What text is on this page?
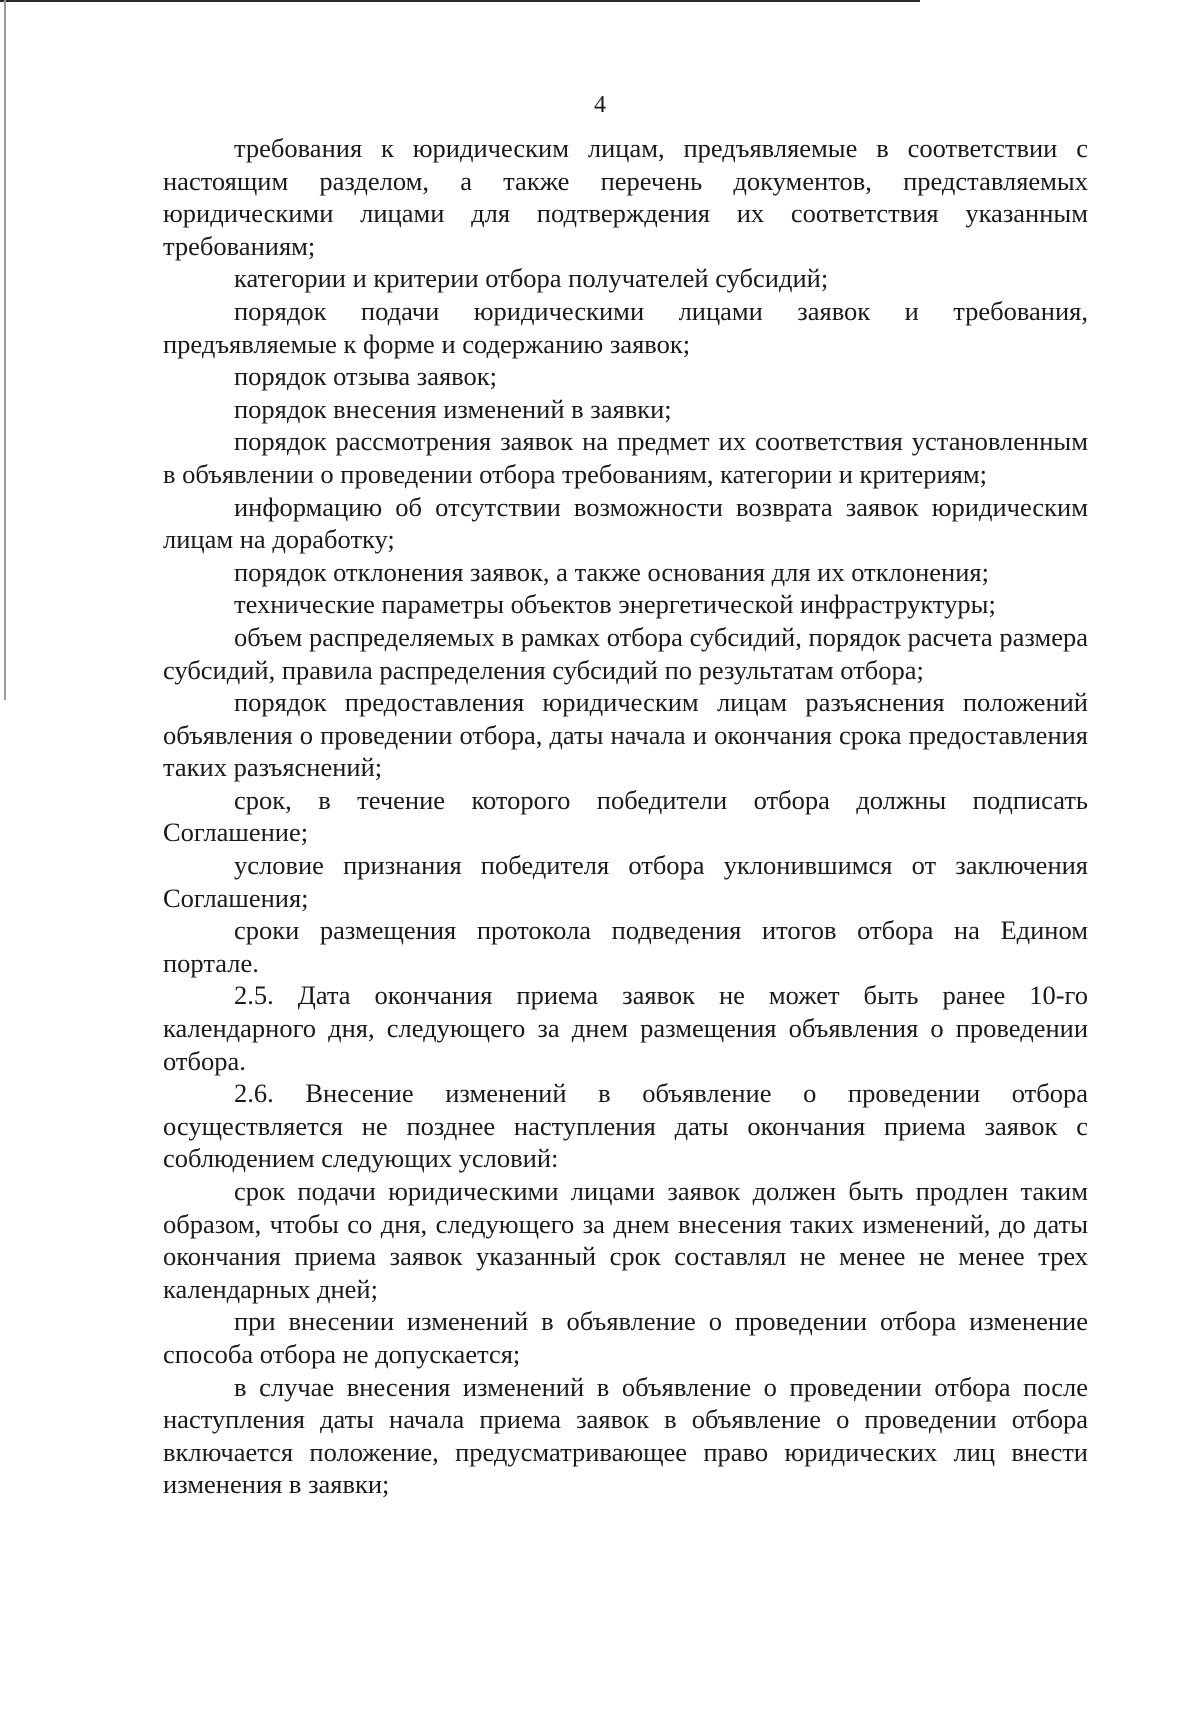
4

требования к юридическим лицам, предъявляемые в соответствии с настоящим разделом, а также перечень документов, представляемых юридическими лицами для подтверждения их соответствия указанным требованиям;

категории и критерии отбора получателей субсидий;

порядок подачи юридическими лицами заявок и требования, предъявляемые к форме и содержанию заявок;

порядок отзыва заявок;

порядок внесения изменений в заявки;

порядок рассмотрения заявок на предмет их соответствия установленным в объявлении о проведении отбора требованиям, категории и критериям;

информацию об отсутствии возможности возврата заявок юридическим лицам на доработку;

порядок отклонения заявок, а также основания для их отклонения;

технические параметры объектов энергетической инфраструктуры;

объем распределяемых в рамках отбора субсидий, порядок расчета размера субсидий, правила распределения субсидий по результатам отбора;

порядок предоставления юридическим лицам разъяснения положений объявления о проведении отбора, даты начала и окончания срока предоставления таких разъяснений;

срок, в течение которого победители отбора должны подписать Соглашение;

условие признания победителя отбора уклонившимся от заключения Соглашения;

сроки размещения протокола подведения итогов отбора на Едином портале.

2.5. Дата окончания приема заявок не может быть ранее 10-го календарного дня, следующего за днем размещения объявления о проведении отбора.

2.6. Внесение изменений в объявление о проведении отбора осуществляется не позднее наступления даты окончания приема заявок с соблюдением следующих условий:

срок подачи юридическими лицами заявок должен быть продлен таким образом, чтобы со дня, следующего за днем внесения таких изменений, до даты окончания приема заявок указанный срок составлял не менее не менее трех календарных дней;

при внесении изменений в объявление о проведении отбора изменение способа отбора не допускается;

в случае внесения изменений в объявление о проведении отбора после наступления даты начала приема заявок в объявление о проведении отбора включается положение, предусматривающее право юридических лиц внести изменения в заявки;
